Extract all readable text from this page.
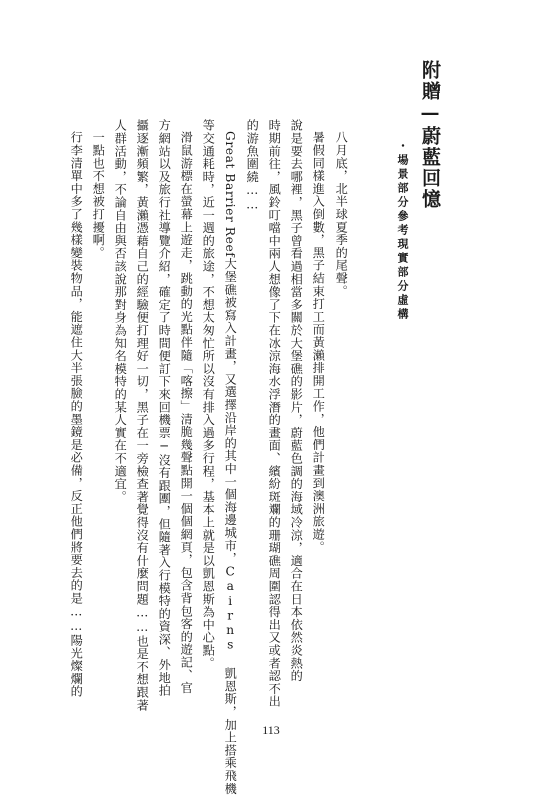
附贈—蔚藍回憶
・場景部分參考現實部分虛構
八月底，北半球夏季的尾聲。
暑假同樣進入倒數，黑子結束打工而黃瀨排開工作，他們計畫到澳洲旅遊。
說是要去哪裡，黑子曾看過相當多關於大堡礁的影片，蔚藍色調的海域冷涼，適合在日本依然炎熱的
時期前往，風鈴叮噹中兩人想像了下在冰涼海水浮潛的畫面、繽紛斑斕的珊瑚礁周圍認得出又或者認不出
的游魚圍繞……
Great Barrier Reef大堡礁被寫入計畫，又選擇沿岸的其中一個海邊城市，Cairns 凱恩斯，加上搭乘飛機
等交通耗時，近一週的旅途，不想太匆忙所以沒有排入過多行程，基本上就是以凱恩斯為中心點。
滑鼠游標在螢幕上遊走，跳動的光點伴隨「喀擦」清脆幾聲點開一個個網頁，包含背包客的遊記、官
方網站以及旅行社導覽介紹，確定了時間便訂下來回機票─沒有跟團，但隨著入行模特的資深、外地拍
攝逐漸頻繁，黃瀨憑藉自己的經驗便打理好一切，黑子在一旁檢查著覺得沒有什麼問題……也是不想跟著
人群活動，不論自由與否該說那對身為知名模特的某人實在不適宜。
一點也不想被打擾啊。
行李清單中多了幾樣變裝物品，能遮住大半張臉的墨鏡是必備，反正他們將要去的是……陽光燦爛的
113
